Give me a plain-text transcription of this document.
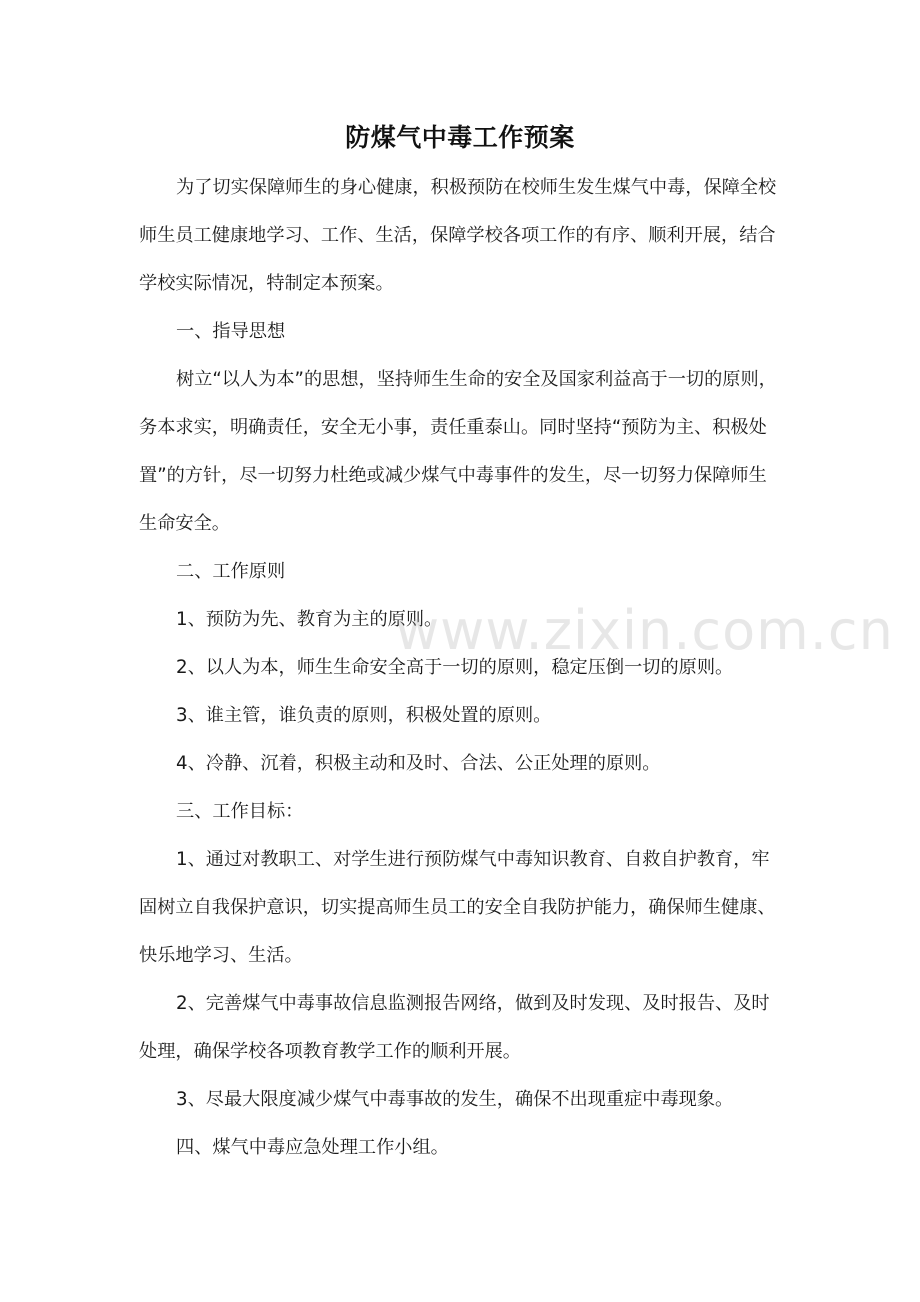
防煤气中毒工作预案

为了切实保障师生的身心健康，积极预防在校师生发生煤气中毒，保障全校师生员工健康地学习、工作、生活，保障学校各项工作的有序、顺利开展，结合学校实际情况，特制定本预案。

一、指导思想

树立“以人为本”的思想，坚持师生生命的安全及国家利益高于一切的原则，务本求实，明确责任，安全无小事，责任重泰山。同时坚持“预防为主、积极处置”的方针，尽一切努力杜绝或减少煤气中毒事件的发生，尽一切努力保障师生生命安全。

二、工作原则

1、预防为先、教育为主的原则。

2、以人为本，师生生命安全高于一切的原则，稳定压倒一切的原则。

3、谁主管，谁负责的原则，积极处置的原则。

4、冷静、沉着，积极主动和及时、合法、公正处理的原则。

三、工作目标：

1、通过对教职工、对学生进行预防煤气中毒知识教育、自救自护教育，牢固树立自我保护意识，切实提高师生员工的安全自我防护能力，确保师生健康、快乐地学习、生活。

2、完善煤气中毒事故信息监测报告网络，做到及时发现、及时报告、及时处理，确保学校各项教育教学工作的顺利开展。

3、尽最大限度减少煤气中毒事故的发生，确保不出现重症中毒现象。

四、煤气中毒应急处理工作小组。

www.zixin.com.cn
